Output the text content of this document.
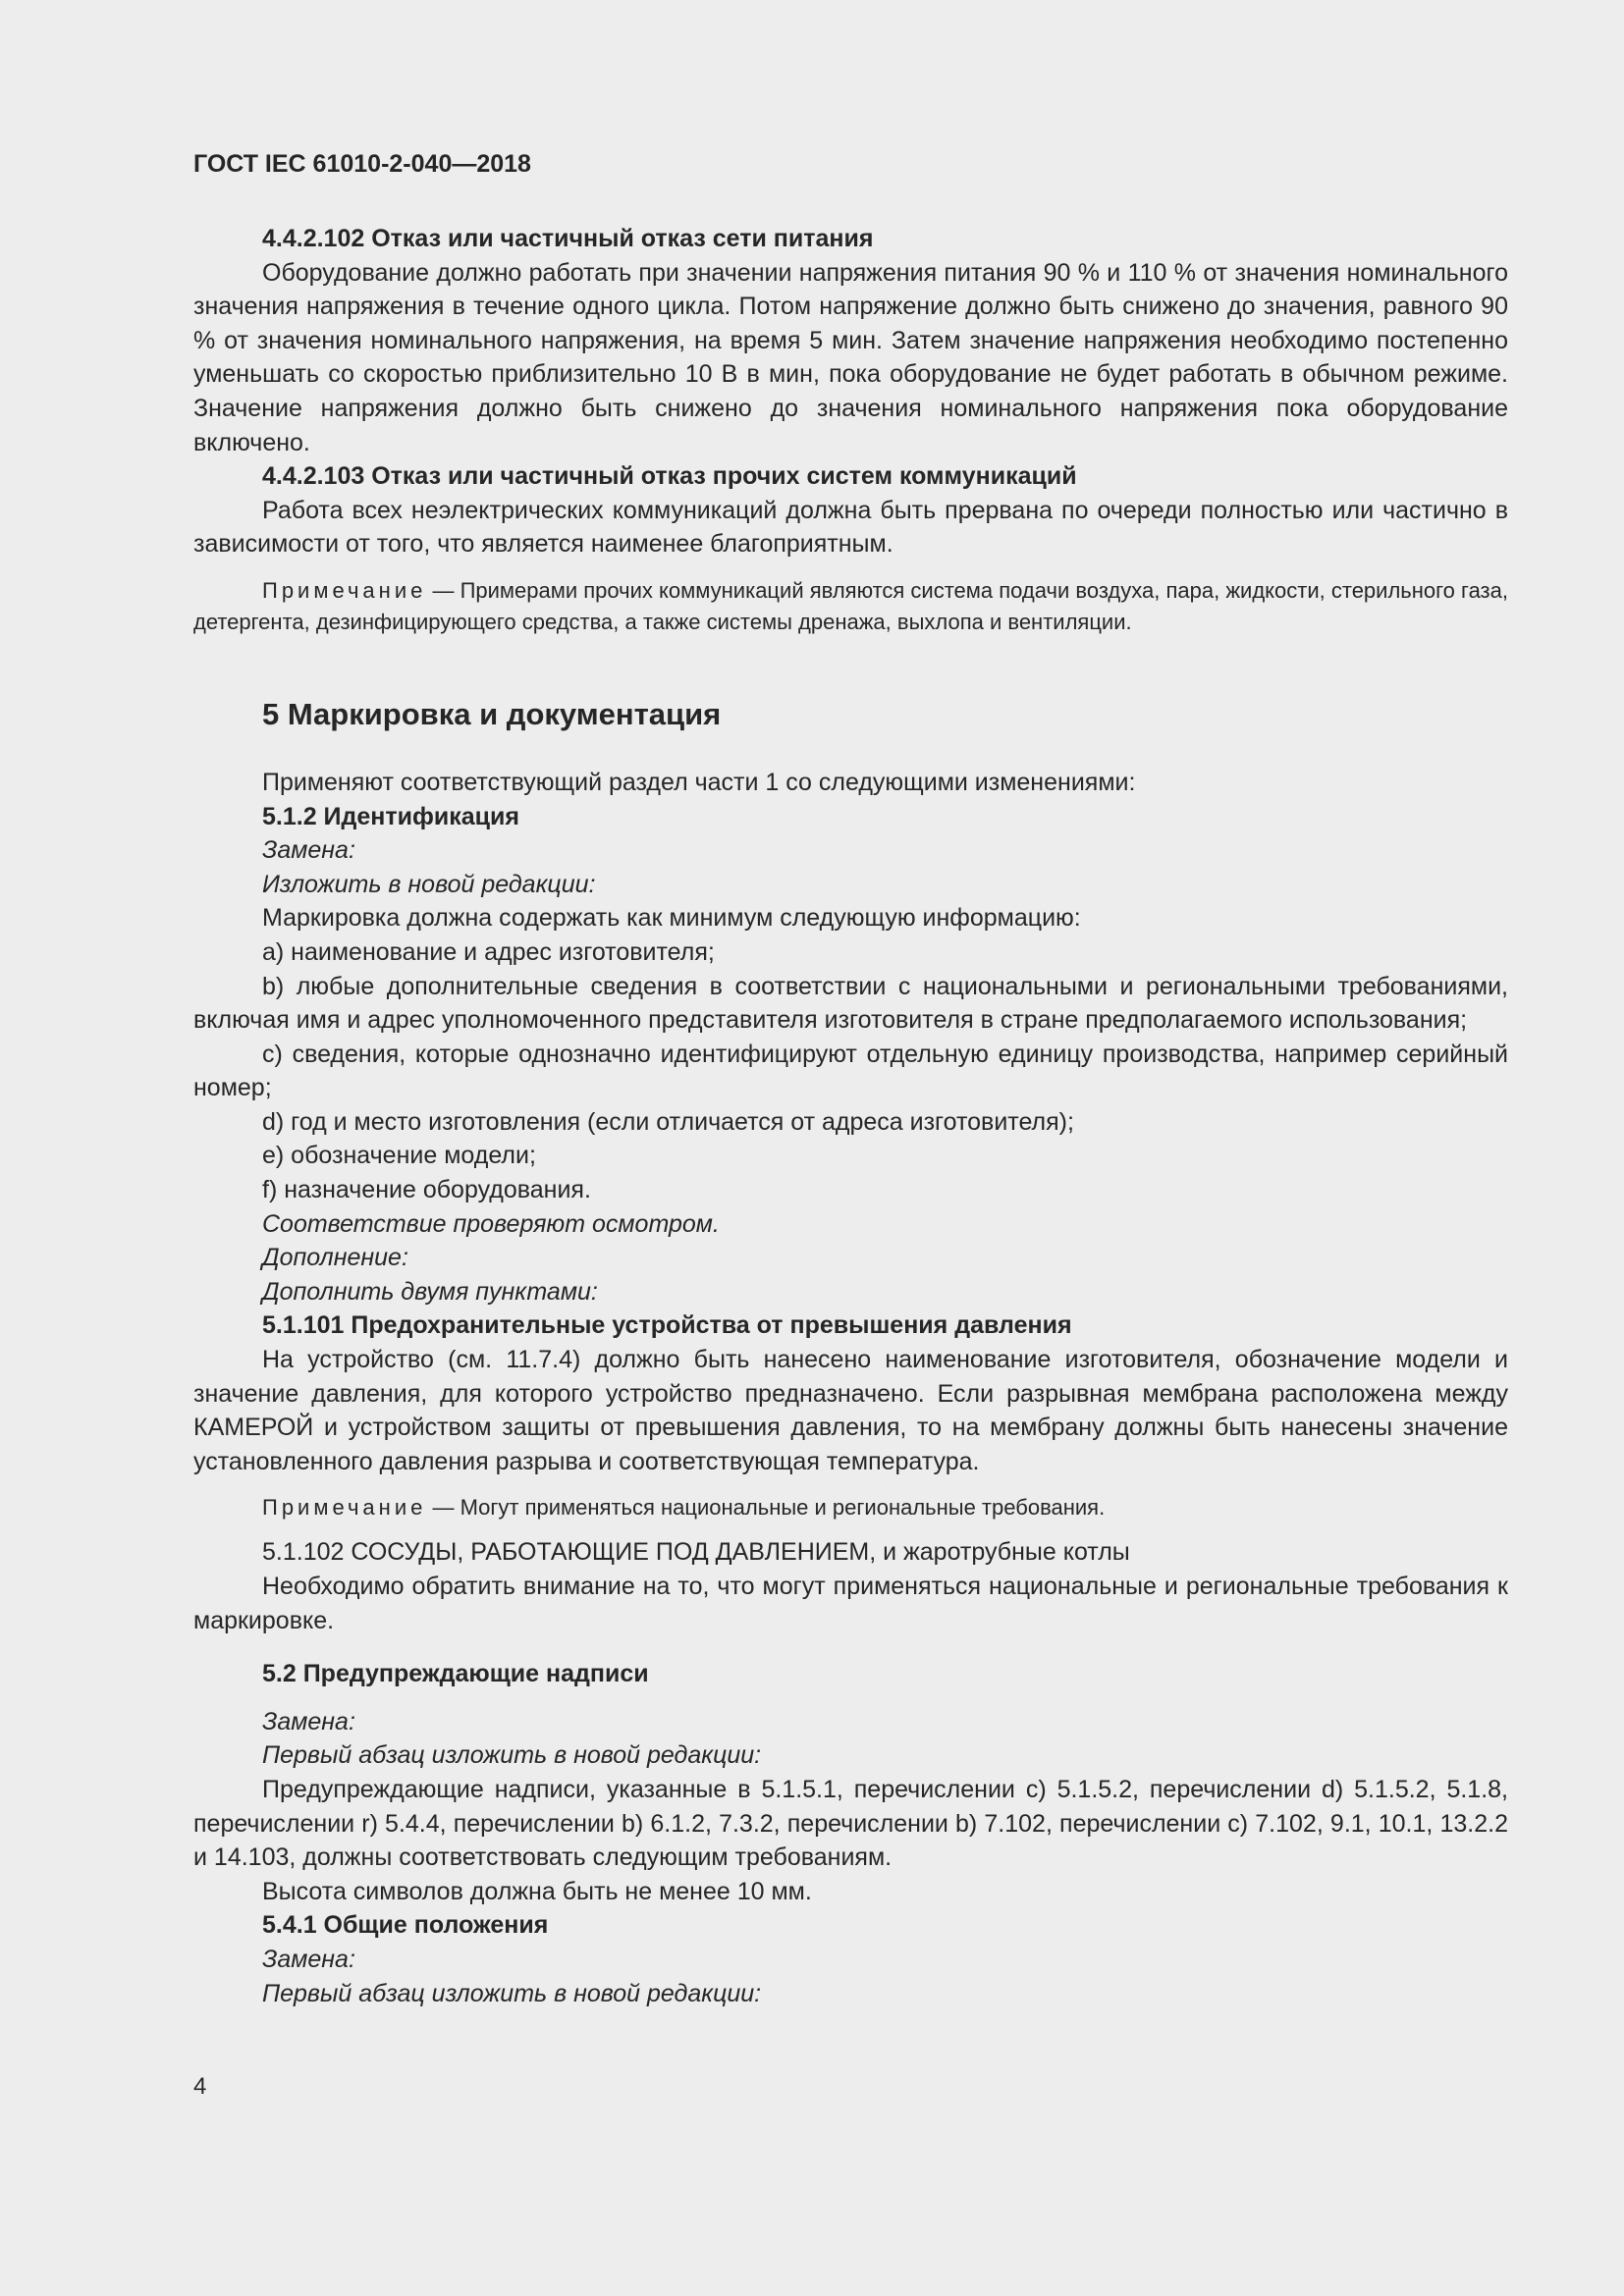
ГОСТ IEC 61010-2-040—2018

4.4.2.102 Отказ или частичный отказ сети питания

Оборудование должно работать при значении напряжения питания 90 % и 110 % от значения номинального значения напряжения в течение одного цикла. Потом напряжение должно быть снижено до значения, равного 90 % от значения номинального напряжения, на время 5 мин. Затем значение напряжения необходимо постепенно уменьшать со скоростью приблизительно 10 В в мин, пока оборудование не будет работать в обычном режиме. Значение напряжения должно быть снижено до значения номинального напряжения пока оборудование включено.

4.4.2.103 Отказ или частичный отказ прочих систем коммуникаций

Работа всех неэлектрических коммуникаций должна быть прервана по очереди полностью или частично в зависимости от того, что является наименее благоприятным.

Примечание — Примерами прочих коммуникаций являются система подачи воздуха, пара, жидкости, стерильного газа, детергента, дезинфицирующего средства, а также системы дренажа, выхлопа и вентиляции.

5 Маркировка и документация

Применяют соответствующий раздел части 1 со следующими изменениями:

5.1.2 Идентификация

Замена:

Изложить в новой редакции:

Маркировка должна содержать как минимум следующую информацию:

a) наименование и адрес изготовителя;

b) любые дополнительные сведения в соответствии с национальными и региональными требованиями, включая имя и адрес уполномоченного представителя изготовителя в стране предполагаемого использования;

c) сведения, которые однозначно идентифицируют отдельную единицу производства, например серийный номер;

d) год и место изготовления (если отличается от адреса изготовителя);

e) обозначение модели;

f) назначение оборудования.

Соответствие проверяют осмотром.

Дополнение:

Дополнить двумя пунктами:

5.1.101 Предохранительные устройства от превышения давления

На устройство (см. 11.7.4) должно быть нанесено наименование изготовителя, обозначение модели и значение давления, для которого устройство предназначено. Если разрывная мембрана расположена между КАМЕРОЙ и устройством защиты от превышения давления, то на мембрану должны быть нанесены значение установленного давления разрыва и соответствующая температура.

Примечание — Могут применяться национальные и региональные требования.

5.1.102 СОСУДЫ, РАБОТАЮЩИЕ ПОД ДАВЛЕНИЕМ, и жаротрубные котлы

Необходимо обратить внимание на то, что могут применяться национальные и региональные требования к маркировке.

5.2 Предупреждающие надписи

Замена:

Первый абзац изложить в новой редакции:

Предупреждающие надписи, указанные в 5.1.5.1, перечислении c) 5.1.5.2, перечислении d) 5.1.5.2, 5.1.8, перечислении r) 5.4.4, перечислении b) 6.1.2, 7.3.2, перечислении b) 7.102, перечислении c) 7.102, 9.1, 10.1, 13.2.2 и 14.103, должны соответствовать следующим требованиям.

Высота символов должна быть не менее 10 мм.

5.4.1 Общие положения

Замена:

Первый абзац изложить в новой редакции:

4
